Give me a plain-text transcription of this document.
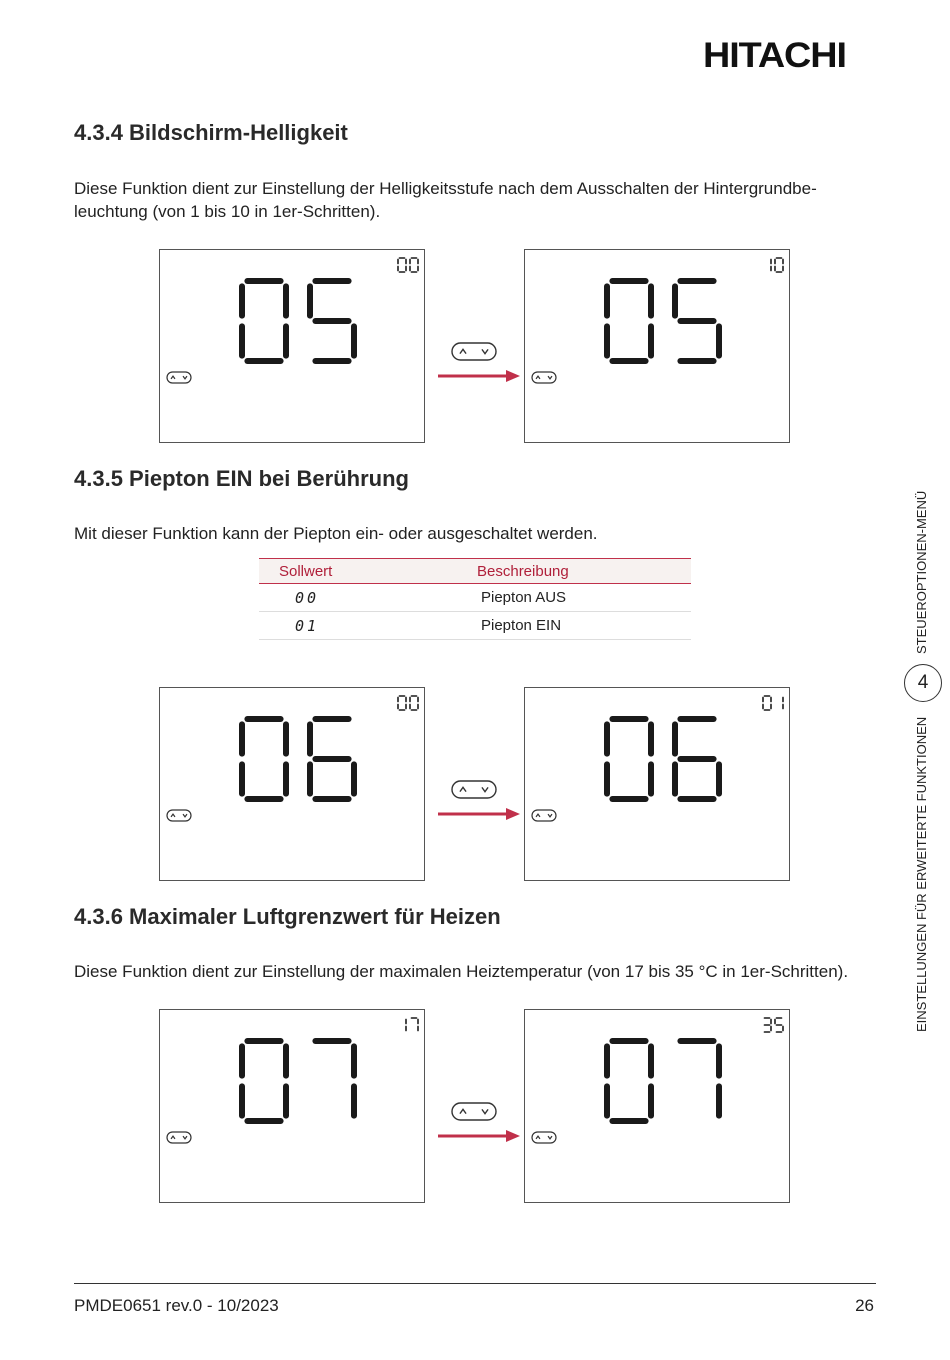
HITACHI
4.3.4 Bildschirm-Helligkeit
Diese Funktion dient zur Einstellung der Helligkeitsstufe nach dem Ausschalten der Hintergrundbe-
leuchtung (von 1 bis 10 in 1er-Schritten).
4.3.5 Piepton EIN bei Berührung
Mit dieser Funktion kann der Piepton ein- oder ausgeschaltet werden.
Sollwert	Beschreibung
00	Piepton AUS
01	Piepton EIN
4.3.6 Maximaler Luftgrenzwert für Heizen
Diese Funktion dient zur Einstellung der maximalen Heiztemperatur (von 17 bis 35 °C in 1er-Schritten).
STEUEROPTIONEN-MENÜ
4
EINSTELLUNGEN FÜR ERWEITERTE FUNKTIONEN
PMDE0651 rev.0 - 10/2023	26
